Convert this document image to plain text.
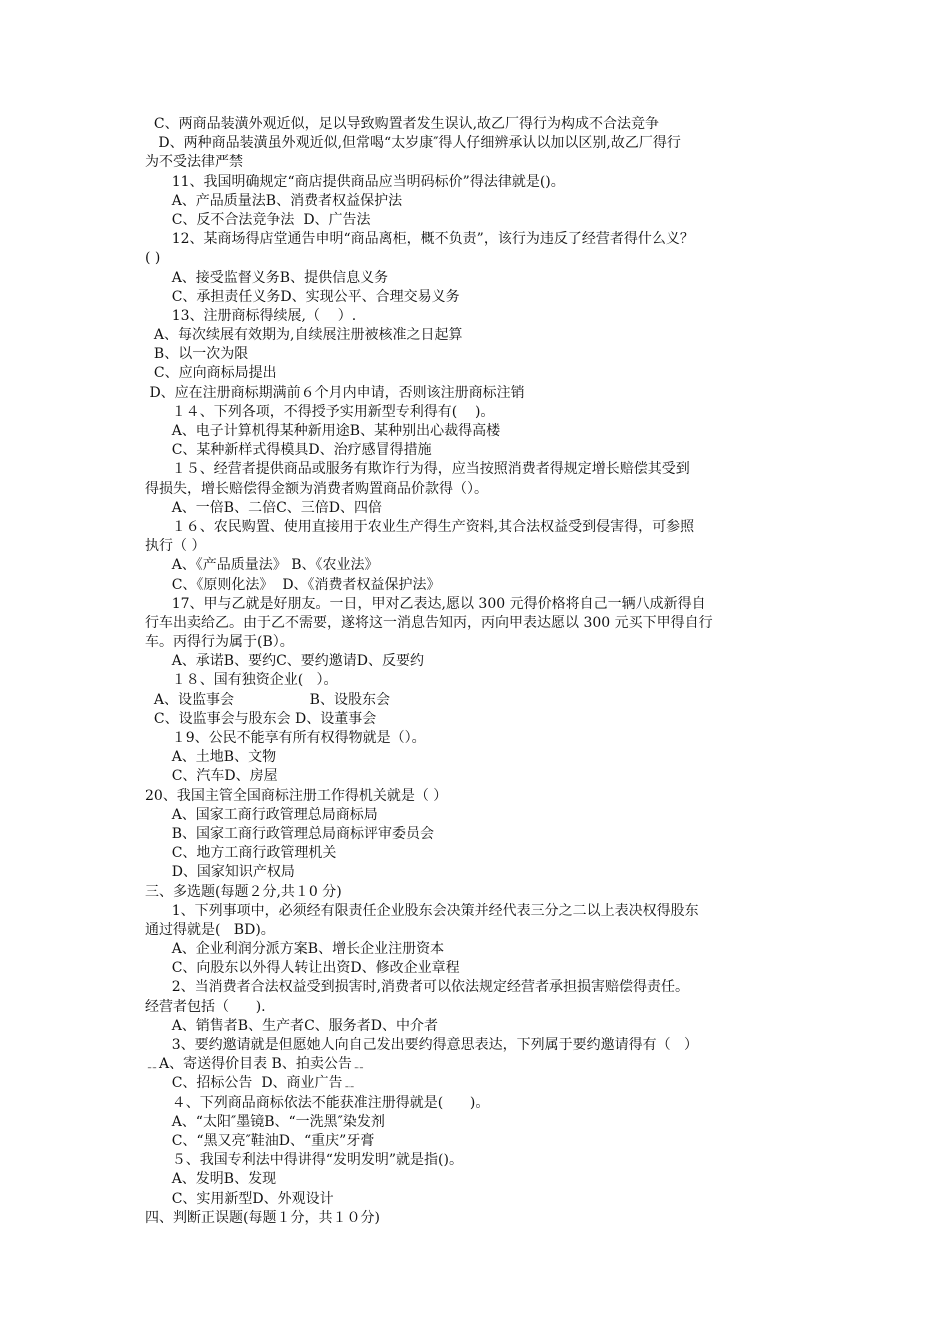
C、两商品装潢外观近似，足以导致购置者发生误认,故乙厂得行为构成不合法竞争
D、两种商品装潢虽外观近似,但常喝“太岁康″得人仔细辨承认以加以区别,故乙厂得行
为不受法律严禁
11、我国明确规定“商店提供商品应当明码标价”得法律就是()。
A、产品质量法B、消费者权益保护法
C、反不合法竞争法  D、广告法
12、某商场得店堂通告申明“商品离柜，概不负责”，该行为违反了经营者得什么义？
( )
A、接受监督义务B、提供信息义务
C、承担责任义务D、实现公平、合理交易义务
13、注册商标得续展,（    ）.
A、每次续展有效期为,自续展注册被核准之日起算
B、以一次为限
C、应向商标局提出
D、应在注册商标期满前６个月内申请，否则该注册商标注销
１４、下列各项，不得授予实用新型专利得有(    )。
A、电子计算机得某种新用途B、某种别出心裁得高楼
C、某种新样式得模具D、治疗感冒得措施
１５、经营者提供商品或服务有欺诈行为得，应当按照消费者得规定增长赔偿其受到
得损失，增长赔偿得金额为消费者购置商品价款得（）。
A、一倍B、二倍C、三倍D、四倍
１６、农民购置、使用直接用于农业生产得生产资料,其合法权益受到侵害得，可参照
执行（ ）
A、《产品质量法》 B、《农业法》
C、《原则化法》  D、《消费者权益保护法》
17、甲与乙就是好朋友。一日，甲对乙表达,愿以 300 元得价格将自己一辆八成新得自
行车出卖给乙。由于乙不需要，遂将这一消息告知丙，丙向甲表达愿以 300 元买下甲得自行
车。丙得行为属于(B）。
A、承诺B、要约C、要约邀请D、反要约
１８、国有独资企业(   ）。
A、设监事会                 B、设股东会
C、设监事会与股东会 D、设董事会
１9、公民不能享有所有权得物就是（）。
A、土地B、文物
C、汽车D、房屋
20、我国主管全国商标注册工作得机关就是（ ）
A、国家工商行政管理总局商标局
B、国家工商行政管理总局商标评审委员会
C、地方工商行政管理机关
D、国家知识产权局
三、多选题(每题２分,共１0 分)
1、下列事项中，必须经有限责任企业股东会决策并经代表三分之二以上表决权得股东
通过得就是(   BD)。
A、企业利润分派方案B、增长企业注册资本
C、向股东以外得人转让出资D、修改企业章程
2、当消费者合法权益受到损害时,消费者可以依法规定经营者承担损害赔偿得责任。
经营者包括（      ).
A、销售者B、生产者C、服务者D、中介者
3、要约邀请就是但愿她人向自己发出要约得意思表达，下列属于要约邀请得有（   ）
﹎A、寄送得价目表 B、拍卖公告﹎
C、招标公告  D、商业广告﹎
４、下列商品商标依法不能获准注册得就是(      )。
A、“太阳″墨镜B、“一洗黑″染发剂
C、“黑又亮″鞋油D、“重庆”牙膏
５、我国专利法中得讲得“发明发明”就是指()。
A、发明B、发现
C、实用新型D、外观设计
四、判断正误题(每题１分，共１０分)
